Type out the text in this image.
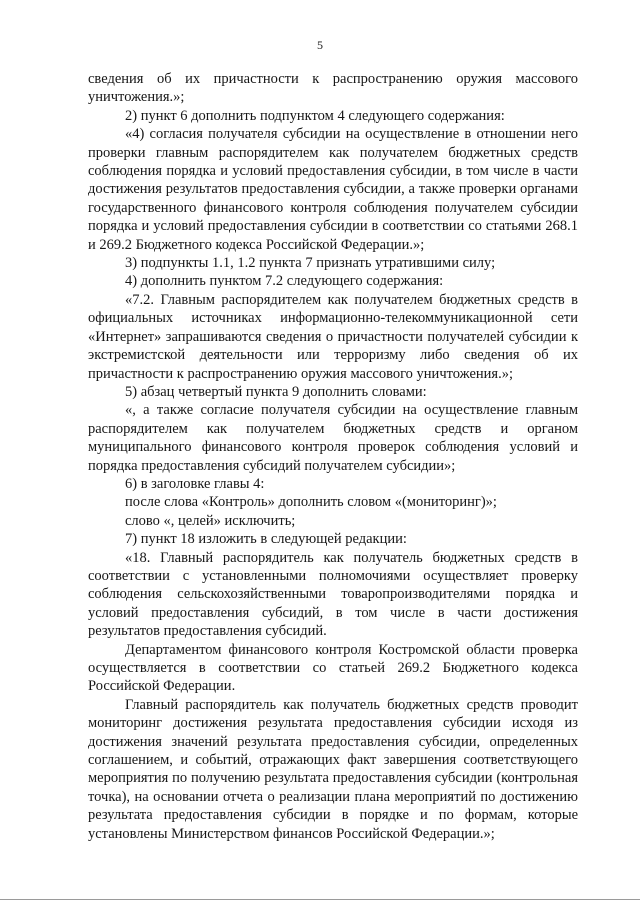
5

сведения об их причастности к распространению оружия массового уничтожения.»;

2) пункт 6 дополнить подпунктом 4 следующего содержания:

«4) согласия получателя субсидии на осуществление в отношении него проверки главным распорядителем как получателем бюджетных средств соблюдения порядка и условий предоставления субсидии, в том числе в части достижения результатов предоставления субсидии, а также проверки органами государственного финансового контроля соблюдения получателем субсидии порядка и условий предоставления субсидии в соответствии со статьями 268.1 и 269.2 Бюджетного кодекса Российской Федерации.»;

3) подпункты 1.1, 1.2 пункта 7 признать утратившими силу;

4) дополнить пунктом 7.2 следующего содержания:

«7.2. Главным распорядителем как получателем бюджетных средств в официальных источниках информационно-телекоммуникационной сети «Интернет» запрашиваются сведения о причастности получателей субсидии к экстремистской деятельности или терроризму либо сведения об их причастности к распространению оружия массового уничтожения.»;

5) абзац четвертый пункта 9 дополнить словами:

«, а также согласие получателя субсидии на осуществление главным распорядителем как получателем бюджетных средств и органом муниципального финансового контроля проверок соблюдения условий и порядка предоставления субсидий получателем субсидии»;

6) в заголовке главы 4:

после слова «Контроль» дополнить словом «(мониторинг)»;

слово «, целей» исключить;

7) пункт 18 изложить в следующей редакции:

«18. Главный распорядитель как получатель бюджетных средств в соответствии с установленными полномочиями осуществляет проверку соблюдения сельскохозяйственными товаропроизводителями порядка и условий предоставления субсидий, в том числе в части достижения результатов предоставления субсидий.

Департаментом финансового контроля Костромской области проверка осуществляется в соответствии со статьей 269.2 Бюджетного кодекса Российской Федерации.

Главный распорядитель как получатель бюджетных средств проводит мониторинг достижения результата предоставления субсидии исходя из достижения значений результата предоставления субсидии, определенных соглашением, и событий, отражающих факт завершения соответствующего мероприятия по получению результата предоставления субсидии (контрольная точка), на основании отчета о реализации плана мероприятий по достижению результата предоставления субсидии в порядке и по формам, которые установлены Министерством финансов Российской Федерации.»;
